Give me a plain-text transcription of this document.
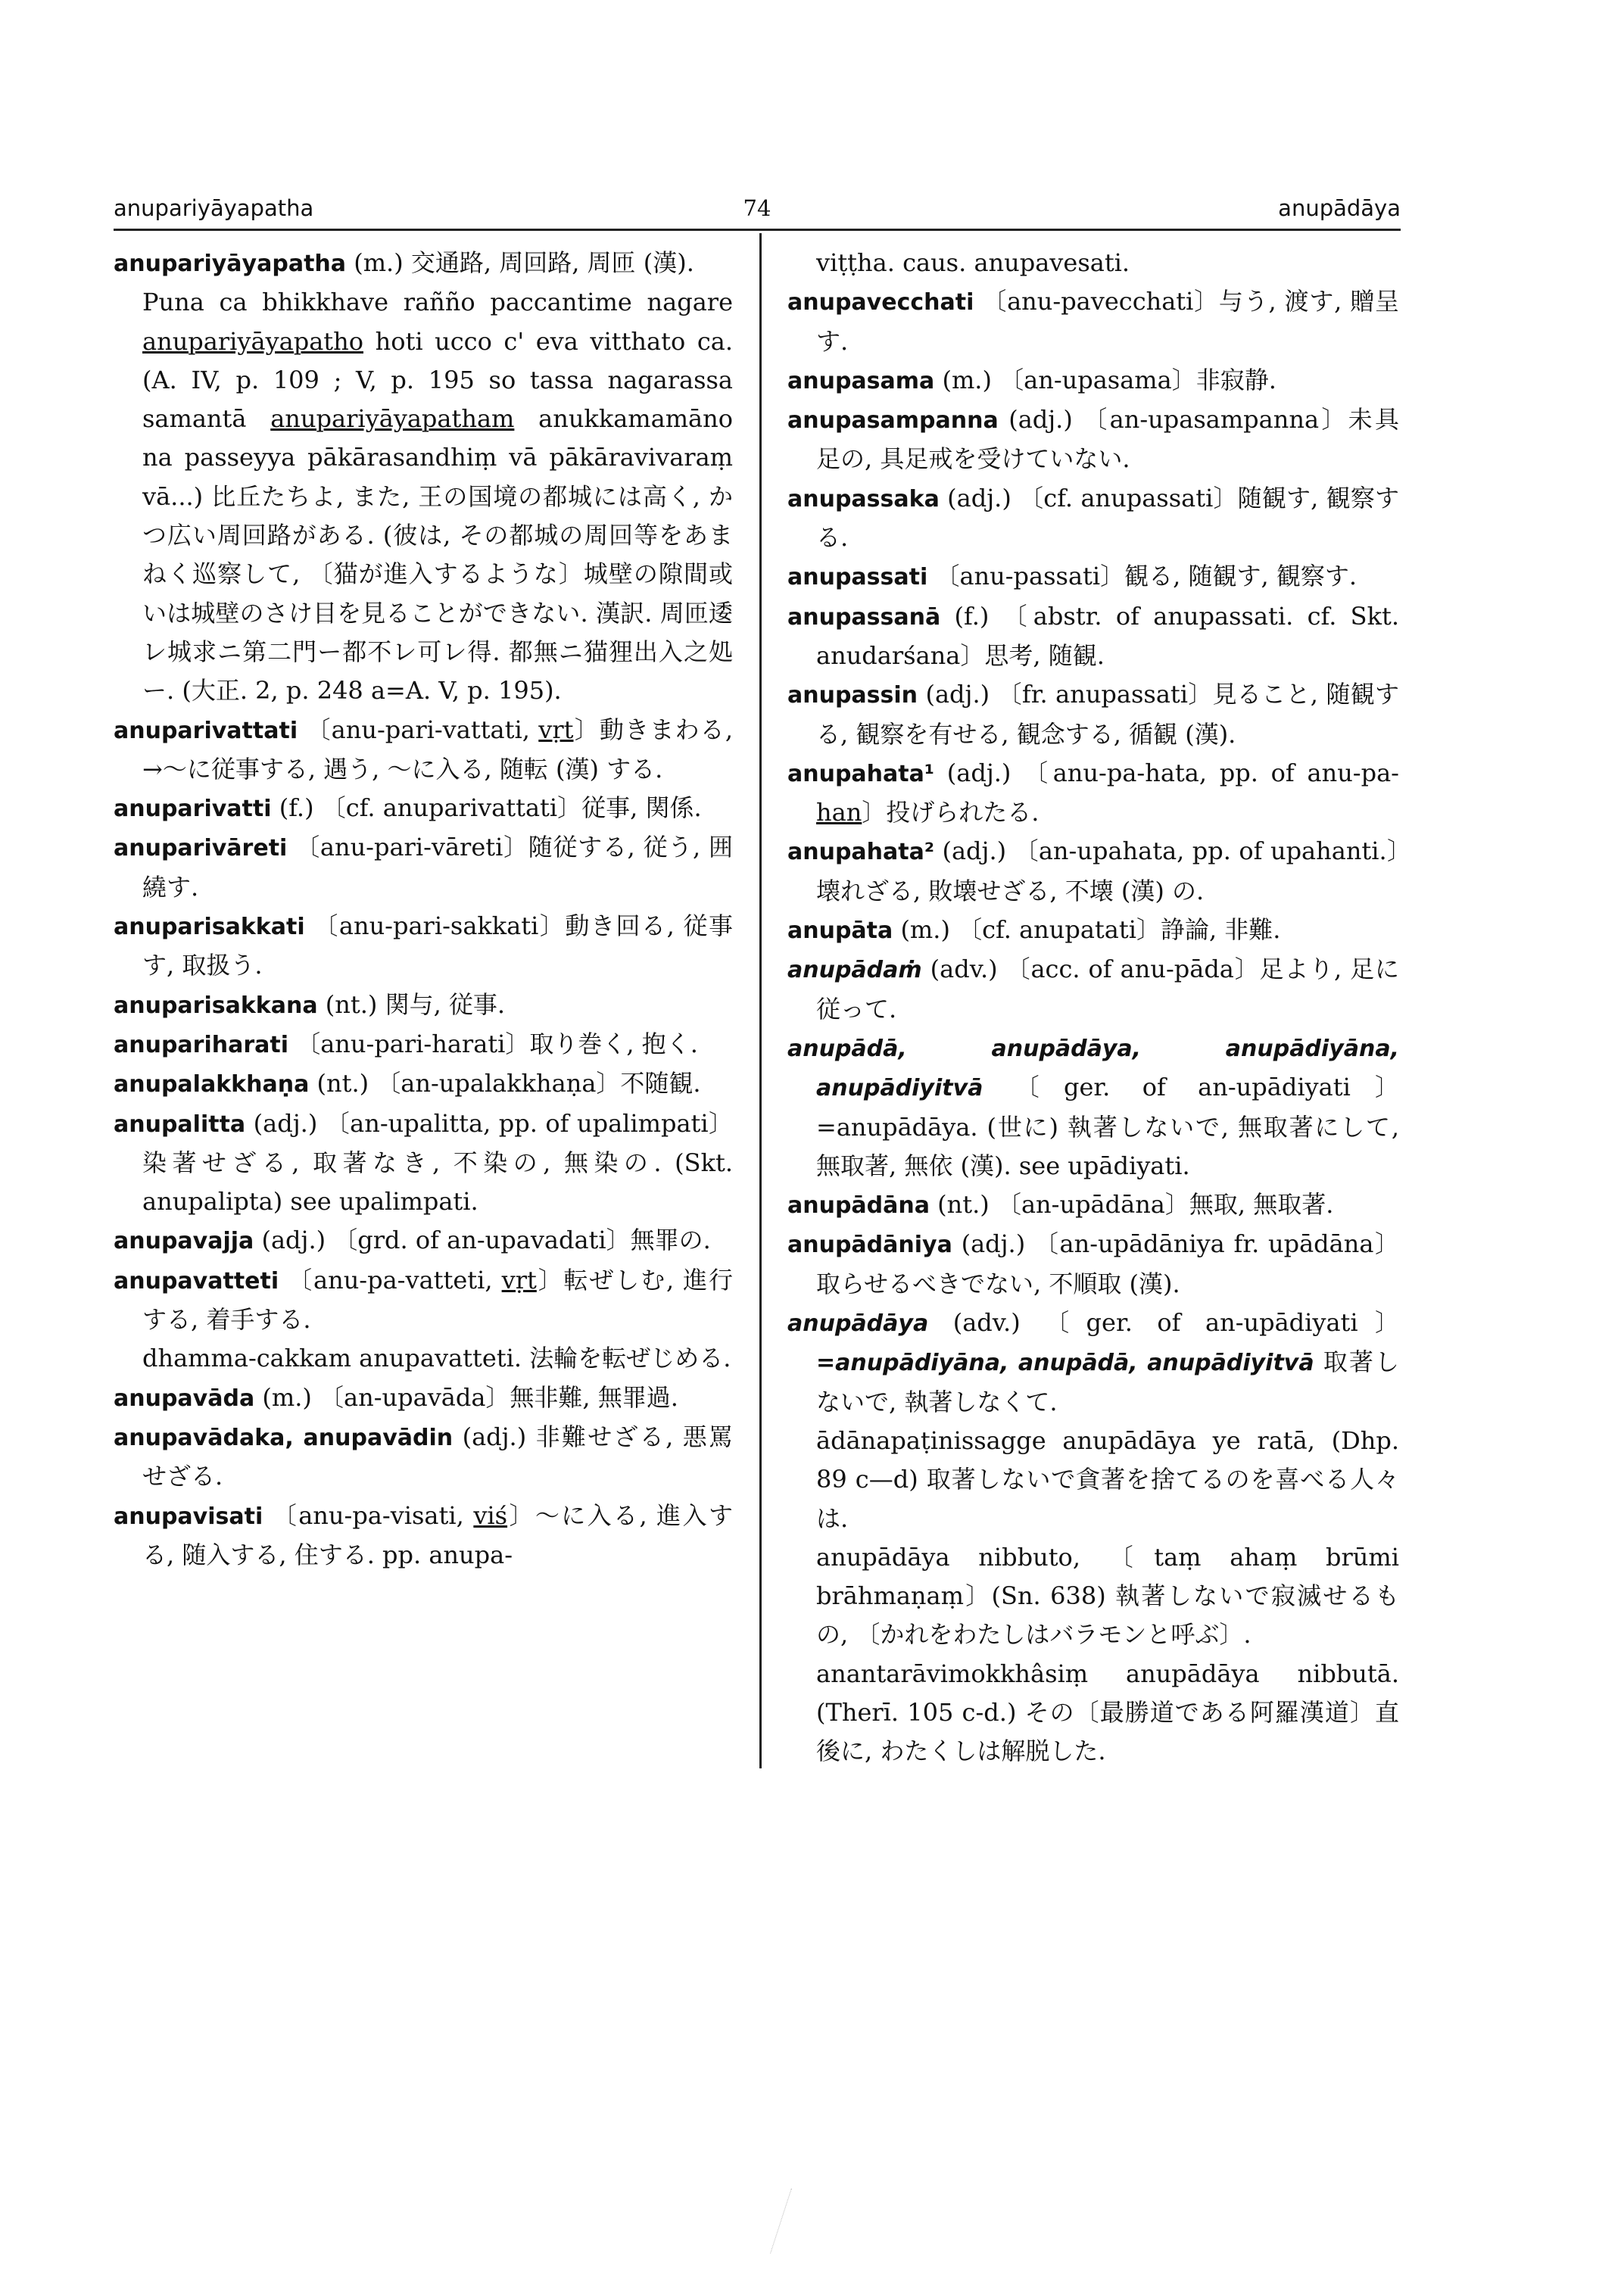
anupariyāyapatha	74	anupādāya

anupariyāyapatha (m.) 交通路, 周回路, 周匝 (漢).

Puna ca bhikkhave rañño paccantime nagare anupariyāyapatho hoti ucco c' eva vitthato ca. (A. IV, p. 109 ; V, p. 195 so tassa nagarassa samantā anupariyāyapatham anukkamamāno na passeyya pākārasandhiṃ vā pākāravivaraṃ vā...) 比丘たちよ, また, 王の国境の都城には高く, かつ広い周回路がある. (彼は, その都城の周回等をあまねく巡察して, 〔猫が進入するような〕城壁の隙間或いは城壁のさけ目を見ることができない. 漢訳. 周匝逶レ城求ニ第二門ー都不レ可レ得. 都無ニ猫狸出入之処ー. (大正. 2, p. 248 a=A. V, p. 195).

anuparivattati 〔anu-pari-vattati, vṛt〕動きまわる, →〜に従事する, 遇う, 〜に入る, 随転 (漢) する.

anuparivatti (f.) 〔cf. anuparivattati〕従事, 関係.

anuparivāreti 〔anu-pari-vāreti〕随従する, 従う, 囲繞す.

anuparisakkati 〔anu-pari-sakkati〕動き回る, 従事す, 取扱う.

anuparisakkana (nt.) 関与, 従事.

anupariharati 〔anu-pari-harati〕取り巻く, 抱く.

anupalakkhaṇa (nt.) 〔an-upalakkhaṇa〕不随観.

anupalitta (adj.) 〔an-upalitta, pp. of upalimpati〕染著せざる, 取著なき, 不染の, 無染の. (Skt. anupalipta) see upalimpati.

anupavajja (adj.) 〔grd. of an-upavadati〕無罪の.

anupavatteti 〔anu-pa-vatteti, vṛt〕転ぜしむ, 進行する, 着手する.

dhamma-cakkam anupavatteti. 法輪を転ぜじめる.

anupavāda (m.) 〔an-upavāda〕無非難, 無罪過.

anupavādaka, anupavādin (adj.) 非難せざる, 悪罵せざる.

anupavisati 〔anu-pa-visati, viś〕〜に入る, 進入する, 随入する, 住する. pp. anupa-

viṭṭha. caus. anupavesati.

anupavecchati 〔anu-pavecchati〕与う, 渡す, 贈呈す.

anupasama (m.) 〔an-upasama〕非寂静.

anupasampanna (adj.) 〔an-upasampanna〕未具足の, 具足戒を受けていない.

anupassaka (adj.) 〔cf. anupassati〕随観す, 観察する.

anupassati 〔anu-passati〕観る, 随観す, 観察す.

anupassanā (f.) 〔abstr. of anupassati. cf. Skt. anudarśana〕思考, 随観.

anupassin (adj.) 〔fr. anupassati〕見ること, 随観する, 観察を有せる, 観念する, 循観 (漢).

anupahata¹ (adj.) 〔anu-pa-hata, pp. of anu-pa-han〕投げられたる.

anupahata² (adj.) 〔an-upahata, pp. of upahanti.〕壊れざる, 敗壊せざる, 不壊 (漢) の.

anupāta (m.) 〔cf. anupatati〕諍論, 非難.

anupādaṁ (adv.) 〔acc. of anu-pāda〕足より, 足に従って.

anupādā, anupādāya, anupādiyāna, anupādiyitvā 〔ger. of an-upādiyati〕=anupādāya. (世に) 執著しないで, 無取著にして, 無取著, 無依 (漢). see upādiyati.

anupādāna (nt.) 〔an-upādāna〕無取, 無取著.

anupādāniya (adj.) 〔an-upādāniya fr. upādāna〕取らせるべきでない, 不順取 (漢).

anupādāya (adv.) 〔ger. of an-upādiyati〕=anupādiyāna, anupādā, anupādiyitvā 取著しないで, 執著しなくて.

ādānapaṭinissagge anupādāya ye ratā, (Dhp. 89 c—d) 取著しないで貪著を捨てるのを喜べる人々は.

anupādāya nibbuto, 〔taṃ ahaṃ brūmi brāhmaṇaṃ〕(Sn. 638) 執著しないで寂滅せるもの, 〔かれをわたしはバラモンと呼ぶ〕.

anantarāvimokkhâsiṃ anupādāya nibbutā. (Therī. 105 c-d.) その〔最勝道である阿羅漢道〕直後に, わたくしは解脱した.
